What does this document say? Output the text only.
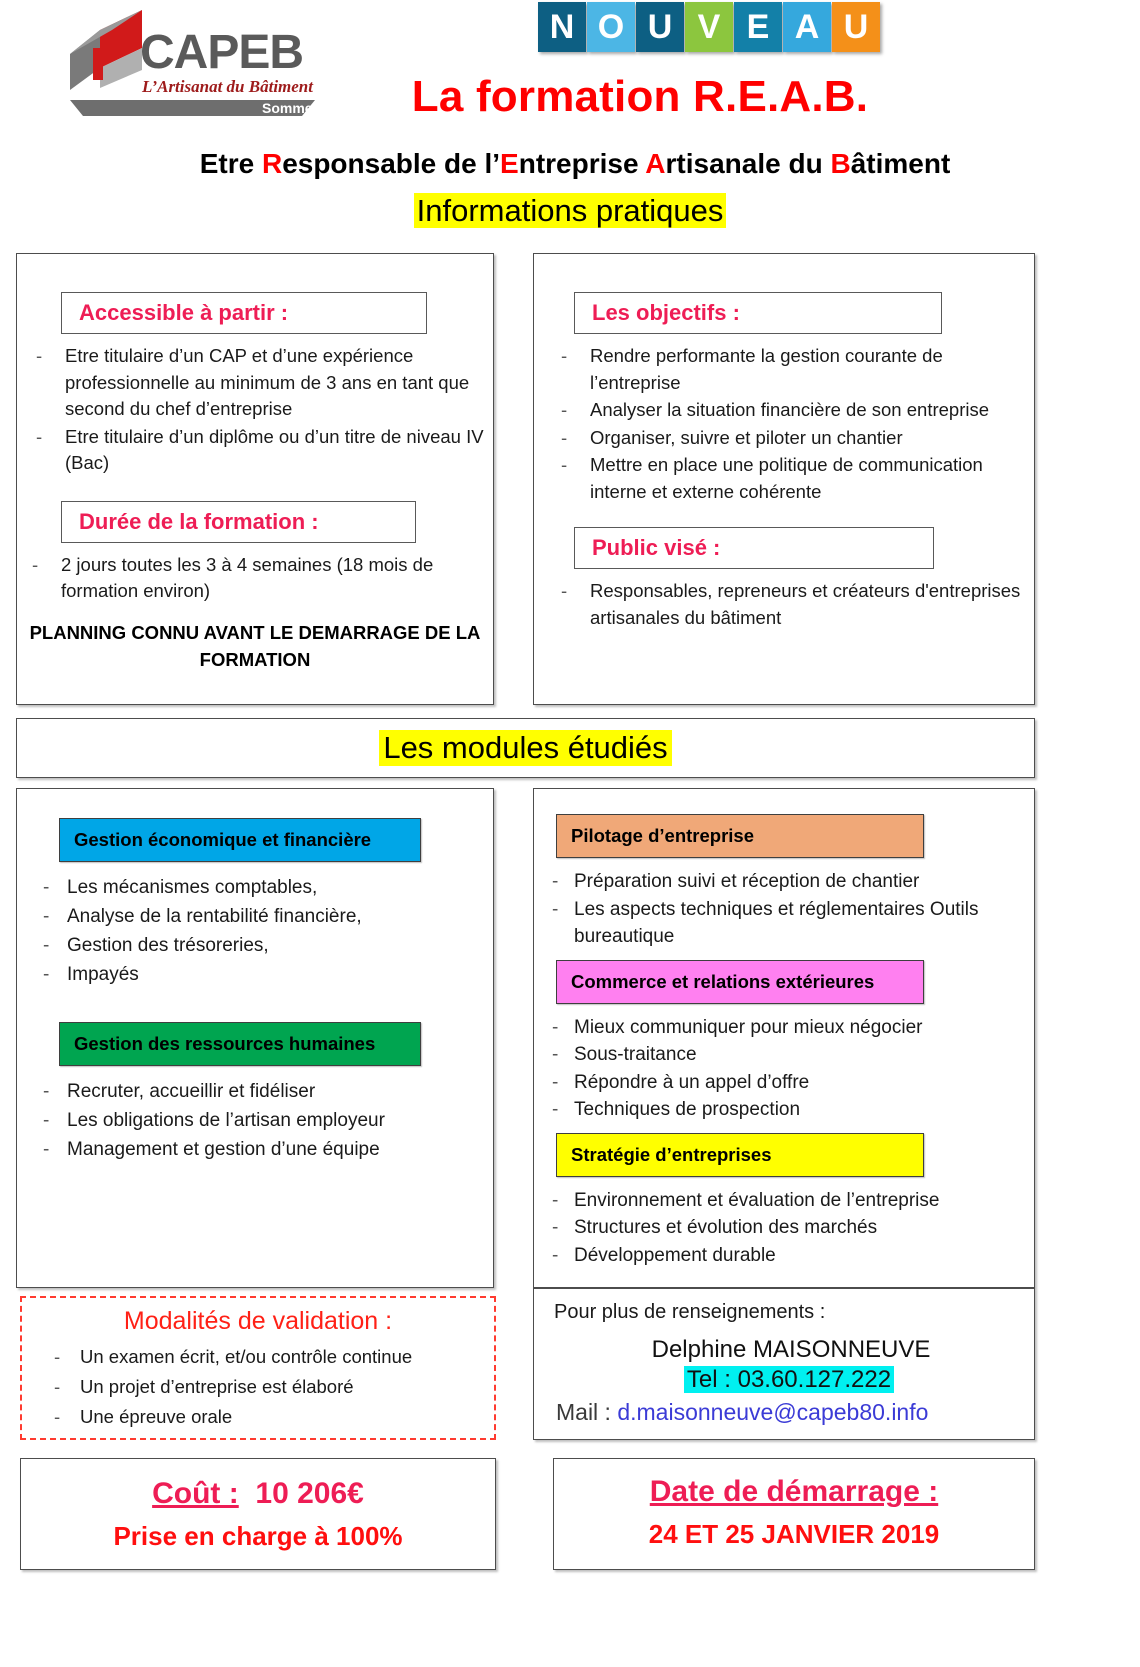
CAPEB
L’Artisanat du Bâtiment
Somme
N O U V E A U
La formation R.E.A.B.
Etre Responsable de l’Entreprise Artisanale du Bâtiment
Informations pratiques
Accessible à partir :
- Etre titulaire d’un CAP et d’une expérience professionnelle au minimum de 3 ans en tant que second du chef d’entreprise
- Etre titulaire d’un diplôme ou d’un titre de niveau IV (Bac)
Durée de la formation :
- 2 jours toutes les 3 à 4 semaines (18 mois de formation environ)
PLANNING CONNU AVANT LE DEMARRAGE DE LA FORMATION
Les objectifs :
- Rendre performante la gestion courante de l’entreprise
- Analyser la situation financière de son entreprise
- Organiser, suivre et piloter un chantier
- Mettre en place une politique de communication interne et externe cohérente
Public visé :
- Responsables, repreneurs et créateurs d'entreprises artisanales du bâtiment
Les modules étudiés
Gestion économique et financière
- Les mécanismes comptables,
- Analyse de la rentabilité financière,
- Gestion des trésoreries,
- Impayés
Gestion des ressources humaines
- Recruter, accueillir et fidéliser
- Les obligations de l’artisan employeur
- Management et gestion d’une équipe
Pilotage d’entreprise
- Préparation suivi et réception de chantier
- Les aspects techniques et réglementaires Outils bureautique
Commerce et relations extérieures
- Mieux communiquer pour mieux négocier
- Sous-traitance
- Répondre à un appel d’offre
- Techniques de prospection
Stratégie d’entreprises
- Environnement et évaluation de l’entreprise
- Structures et évolution des marchés
- Développement durable
Modalités de validation :
- Un examen écrit, et/ou contrôle continue
- Un projet d’entreprise est élaboré
- Une épreuve orale
Pour plus de renseignements :
Delphine MAISONNEUVE
Tel : 03.60.127.222
Mail : d.maisonneuve@capeb80.info
Coût : 10 206€
Prise en charge à 100%
Date de démarrage :
24 ET 25 JANVIER 2019
